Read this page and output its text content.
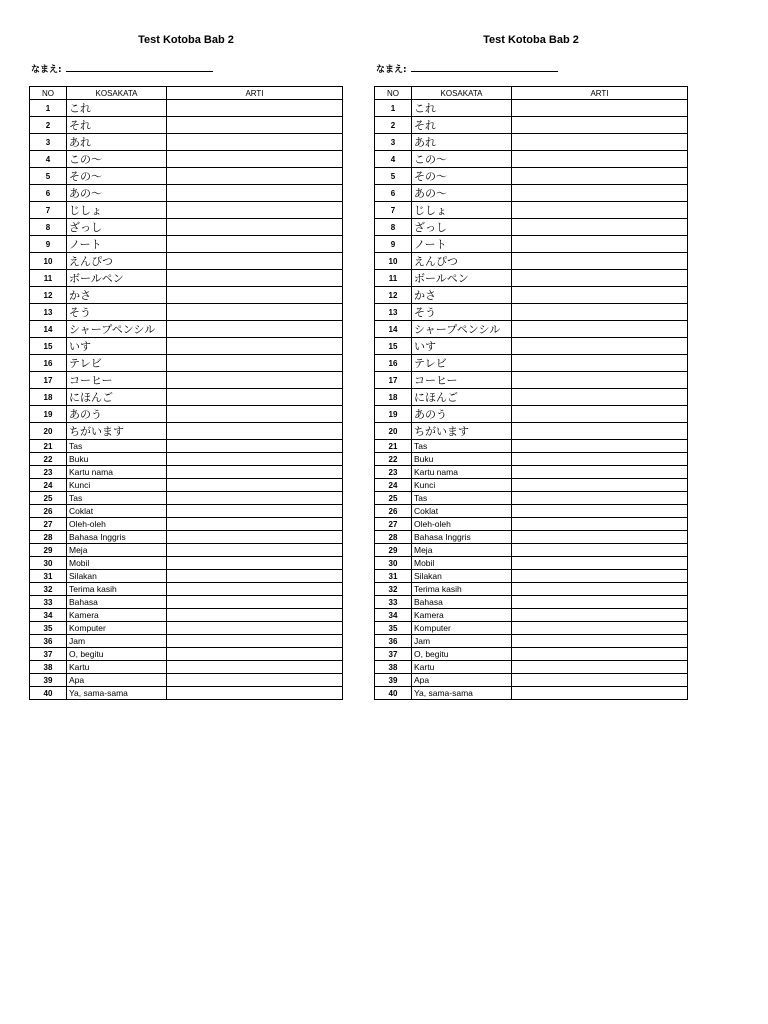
Test Kotoba Bab 2
なまえ:
NO	KOSAKATA	ARTI
1	これ	
2	それ	
3	あれ	
4	この～	
5	その～	
6	あの～	
7	じしょ	
8	ざっし	
9	ノート	
10	えんぴつ	
11	ボールペン	
12	かさ	
13	そう	
14	シャープペンシル	
15	いす	
16	テレビ	
17	コーヒー	
18	にほんご	
19	あのう	
20	ちがいます	
21	Tas	
22	Buku	
23	Kartu nama	
24	Kunci	
25	Tas	
26	Coklat	
27	Oleh-oleh	
28	Bahasa Inggris	
29	Meja	
30	Mobil	
31	Silakan	
32	Terima kasih	
33	Bahasa	
34	Kamera	
35	Komputer	
36	Jam	
37	O, begitu	
38	Kartu	
39	Apa	
40	Ya, sama-sama	
Test Kotoba Bab 2
なまえ:
NO	KOSAKATA	ARTI
1	これ	
2	それ	
3	あれ	
4	この～	
5	その～	
6	あの～	
7	じしょ	
8	ざっし	
9	ノート	
10	えんぴつ	
11	ボールペン	
12	かさ	
13	そう	
14	シャープペンシル	
15	いす	
16	テレビ	
17	コーヒー	
18	にほんご	
19	あのう	
20	ちがいます	
21	Tas	
22	Buku	
23	Kartu nama	
24	Kunci	
25	Tas	
26	Coklat	
27	Oleh-oleh	
28	Bahasa Inggris	
29	Meja	
30	Mobil	
31	Silakan	
32	Terima kasih	
33	Bahasa	
34	Kamera	
35	Komputer	
36	Jam	
37	O, begitu	
38	Kartu	
39	Apa	
40	Ya, sama-sama	
